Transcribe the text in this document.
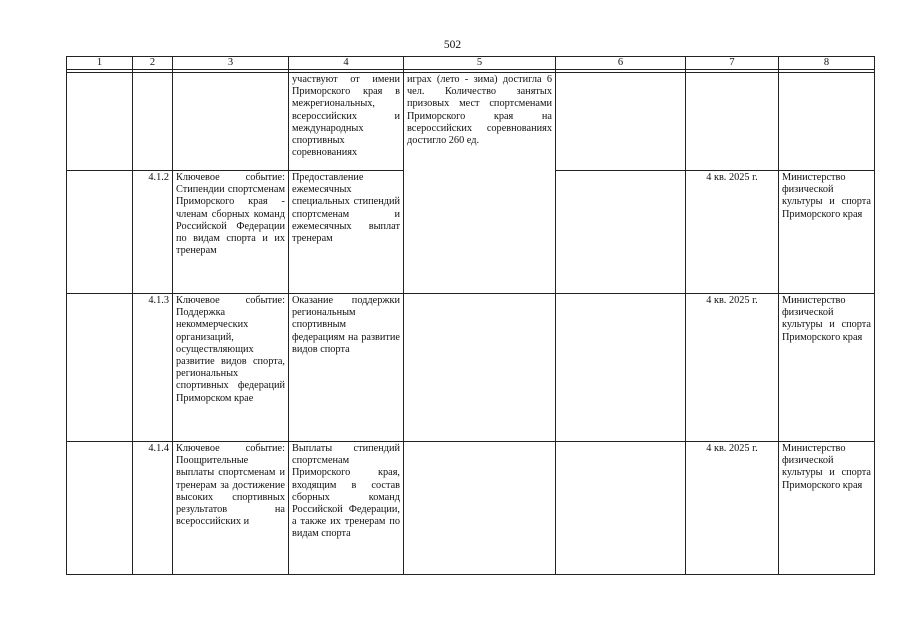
502
1	2	3	4	5	6	7	8

			участвуют от имени Приморского края в межрегиональных, всероссийских и международных спортивных соревнованиях	играх (лето - зима) достигла 6 чел. Количество занятых призовых мест спортсменами Приморского края на всероссийских соревнованиях достигло 260 ед.			
	4.1.2	Ключевое событие: Стипендии спортсменам Приморского края - членам сборных команд Российской Федерации по видам спорта и их тренерам	Предоставление ежемесячных специальных стипендий спортсменам и ежемесячных выплат тренерам			4 кв. 2025 г.	Министерство физической культуры и спорта Приморского края
	4.1.3	Ключевое событие: Поддержка некоммерческих организаций, осуществляющих развитие видов спорта, региональных спортивных федераций Приморском крае	Оказание поддержки региональным спортивным федерациям на развитие видов спорта			4 кв. 2025 г.	Министерство физической культуры и спорта Приморского края
	4.1.4	Ключевое событие: Поощрительные выплаты спортсменам и тренерам за достижение высоких спортивных результатов на всероссийских и	Выплаты стипендий спортсменам Приморского края, входящим в состав сборных команд Российской Федерации, а также их тренерам по видам спорта			4 кв. 2025 г.	Министерство физической культуры и спорта Приморского края
